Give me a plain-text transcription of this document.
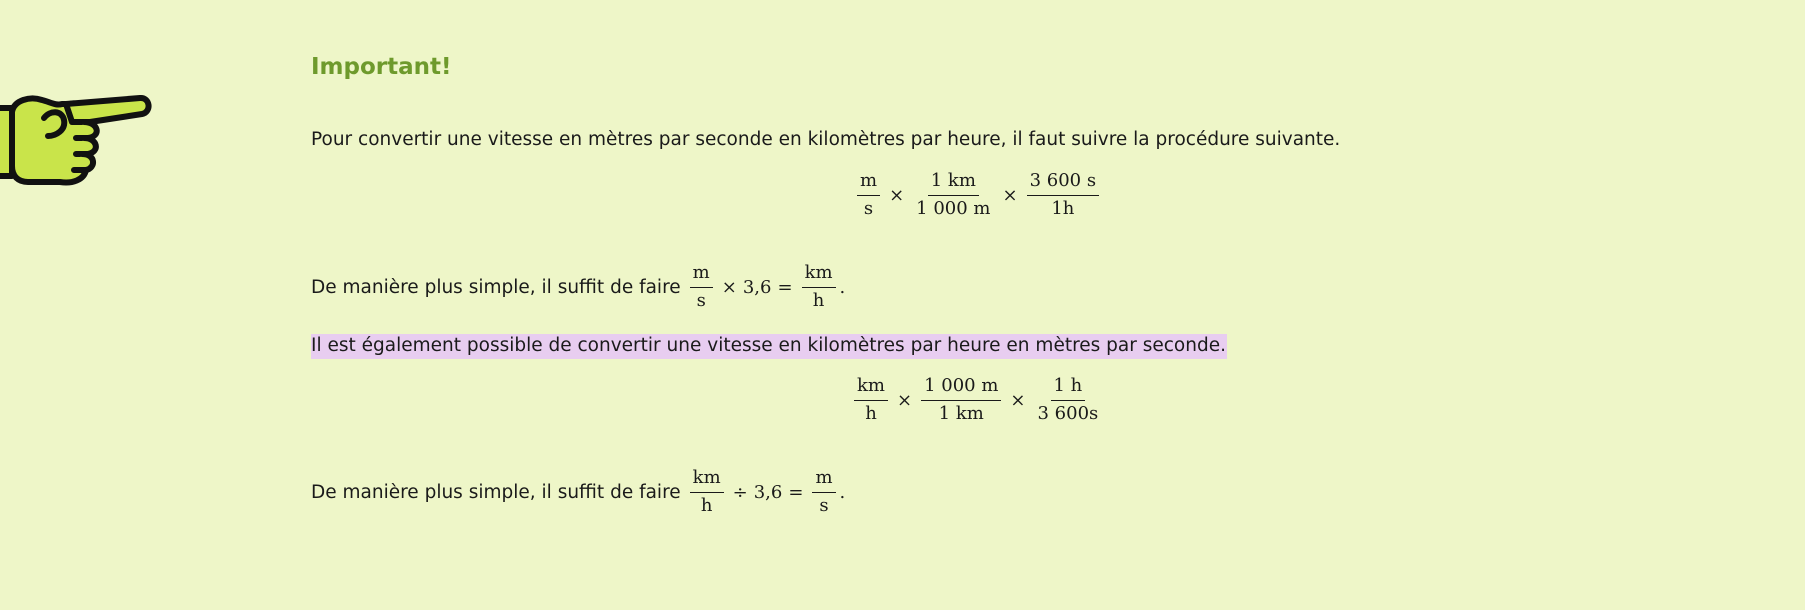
Important!
Pour convertir une vitesse en mètres par seconde en kilomètres par heure, il faut suivre la procédure suivante.
$\frac{m}{s} \times \frac{1 km}{1 000 m} \times \frac{3 600 s}{1h}$
De manière plus simple, il suffit de faire $\frac{m}{s} \times 3,6 = \frac{km}{h}$ .
Il est également possible de convertir une vitesse en kilomètres par heure en mètres par seconde.
$\frac{km}{h} \times \frac{1 000 m}{1 km} \times \frac{1 h}{3 600s}$
De manière plus simple, il suffit de faire $\frac{km}{h} \div 3,6 = \frac{m}{s}$ .
